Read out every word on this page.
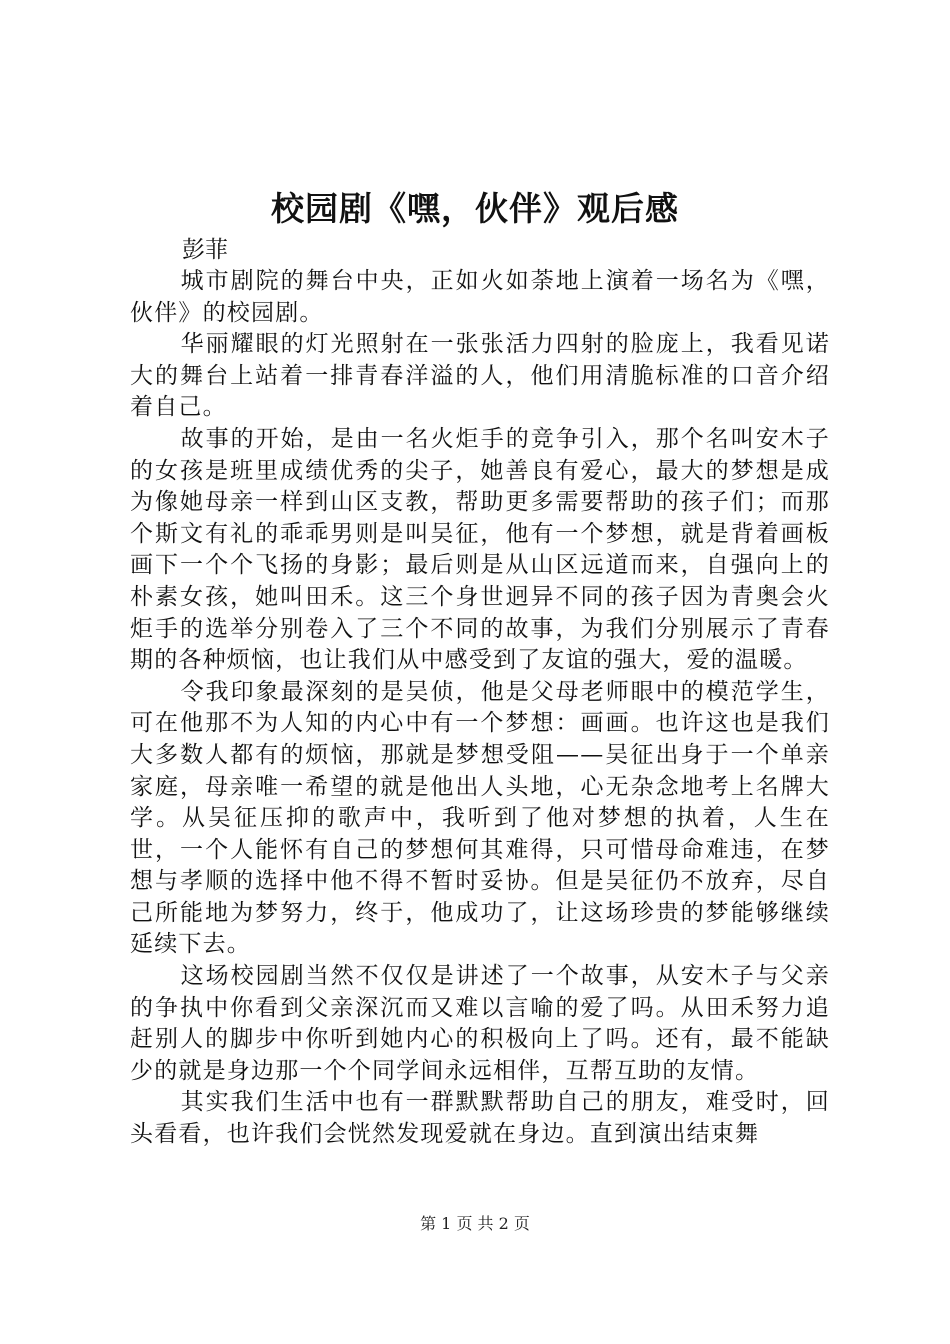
校园剧《嘿，伙伴》观后感
彭菲

城市剧院的舞台中央，正如火如荼地上演着一场名为《嘿，伙伴》的校园剧。

华丽耀眼的灯光照射在一张张活力四射的脸庞上，我看见诺大的舞台上站着一排青春洋溢的人，他们用清脆标准的口音介绍着自己。

故事的开始，是由一名火炬手的竞争引入，那个名叫安木子的女孩是班里成绩优秀的尖子，她善良有爱心，最大的梦想是成为像她母亲一样到山区支教，帮助更多需要帮助的孩子们；而那个斯文有礼的乖乖男则是叫吴征，他有一个梦想，就是背着画板画下一个个飞扬的身影；最后则是从山区远道而来，自强向上的朴素女孩，她叫田禾。这三个身世迥异不同的孩子因为青奥会火炬手的选举分别卷入了三个不同的故事，为我们分别展示了青春期的各种烦恼，也让我们从中感受到了友谊的强大，爱的温暖。

令我印象最深刻的是吴侦，他是父母老师眼中的模范学生，可在他那不为人知的内心中有一个梦想：画画。也许这也是我们大多数人都有的烦恼，那就是梦想受阻——吴征出身于一个单亲家庭，母亲唯一希望的就是他出人头地，心无杂念地考上名牌大学。从吴征压抑的歌声中，我听到了他对梦想的执着，人生在世，一个人能怀有自己的梦想何其难得，只可惜母命难违，在梦想与孝顺的选择中他不得不暂时妥协。但是吴征仍不放弃，尽自己所能地为梦努力，终于，他成功了，让这场珍贵的梦能够继续延续下去。

这场校园剧当然不仅仅是讲述了一个故事，从安木子与父亲的争执中你看到父亲深沉而又难以言喻的爱了吗。从田禾努力追赶别人的脚步中你听到她内心的积极向上了吗。还有，最不能缺少的就是身边那一个个同学间永远相伴，互帮互助的友情。

其实我们生活中也有一群默默帮助自己的朋友，难受时，回头看看，也许我们会恍然发现爱就在身边。直到演出结束舞

第 1 页 共 2 页
